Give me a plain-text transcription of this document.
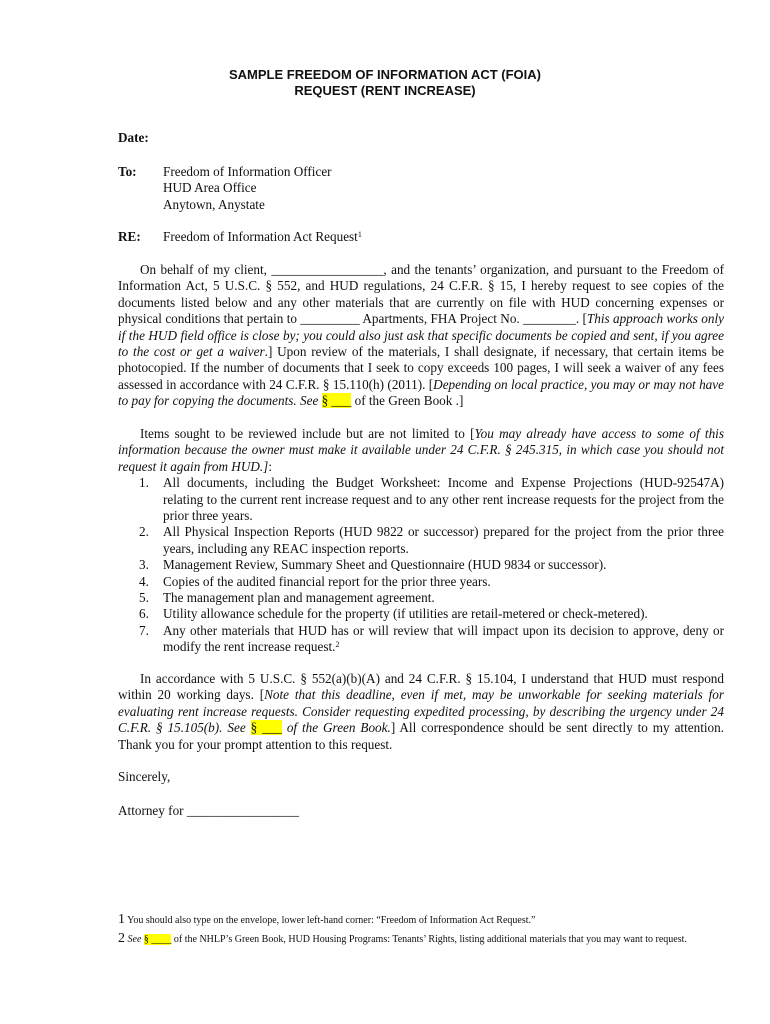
SAMPLE FREEDOM OF INFORMATION ACT (FOIA)
REQUEST (RENT INCREASE)
Date:
To: Freedom of Information Officer
HUD Area Office
Anytown, Anystate
RE: Freedom of Information Act Request$^1$
On behalf of my client, _________________, and the tenants’ organization, and pursuant to the Freedom of Information Act, 5 U.S.C. § 552, and HUD regulations, 24 C.F.R. § 15, I hereby request to see copies of the documents listed below and any other materials that are currently on file with HUD concerning expenses or physical conditions that pertain to _________ Apartments, FHA Project No. ________. [This approach works only if the HUD field office is close by; you could also just ask that specific documents be copied and sent, if you agree to the cost or get a waiver.] Upon review of the materials, I shall designate, if necessary, that certain items be photocopied. If the number of documents that I seek to copy exceeds 100 pages, I will seek a waiver of any fees assessed in accordance with 24 C.F.R. § 15.110(h) (2011). [Depending on local practice, you may or may not have to pay for copying the documents. See § ___ of the Green Book .]
Items sought to be reviewed include but are not limited to [You may already have access to some of this information because the owner must make it available under 24 C.F.R. § 245.315, in which case you should not request it again from HUD.]:
1. All documents, including the Budget Worksheet: Income and Expense Projections (HUD-92547A) relating to the current rent increase request and to any other rent increase requests for the project from the prior three years.
2. All Physical Inspection Reports (HUD 9822 or successor) prepared for the project from the prior three years, including any REAC inspection reports.
3. Management Review, Summary Sheet and Questionnaire (HUD 9834 or successor).
4. Copies of the audited financial report for the prior three years.
5. The management plan and management agreement.
6. Utility allowance schedule for the property (if utilities are retail-metered or check-metered).
7. Any other materials that HUD has or will review that will impact upon its decision to approve, deny or modify the rent increase request.$^2$
In accordance with 5 U.S.C. § 552(a)(b)(A) and 24 C.F.R. § 15.104, I understand that HUD must respond within 20 working days. [Note that this deadline, even if met, may be unworkable for seeking materials for evaluating rent increase requests. Consider requesting expedited processing, by describing the urgency under 24 C.F.R. § 15.105(b). See § ___ of the Green Book.] All correspondence should be sent directly to my attention. Thank you for your prompt attention to this request.
Sincerely,
Attorney for _________________
1 You should also type on the envelope, lower left-hand corner: “Freedom of Information Act Request.”
2 See § ____ of the NHLP’s Green Book, HUD Housing Programs: Tenants’ Rights, listing additional materials that you may want to request.
